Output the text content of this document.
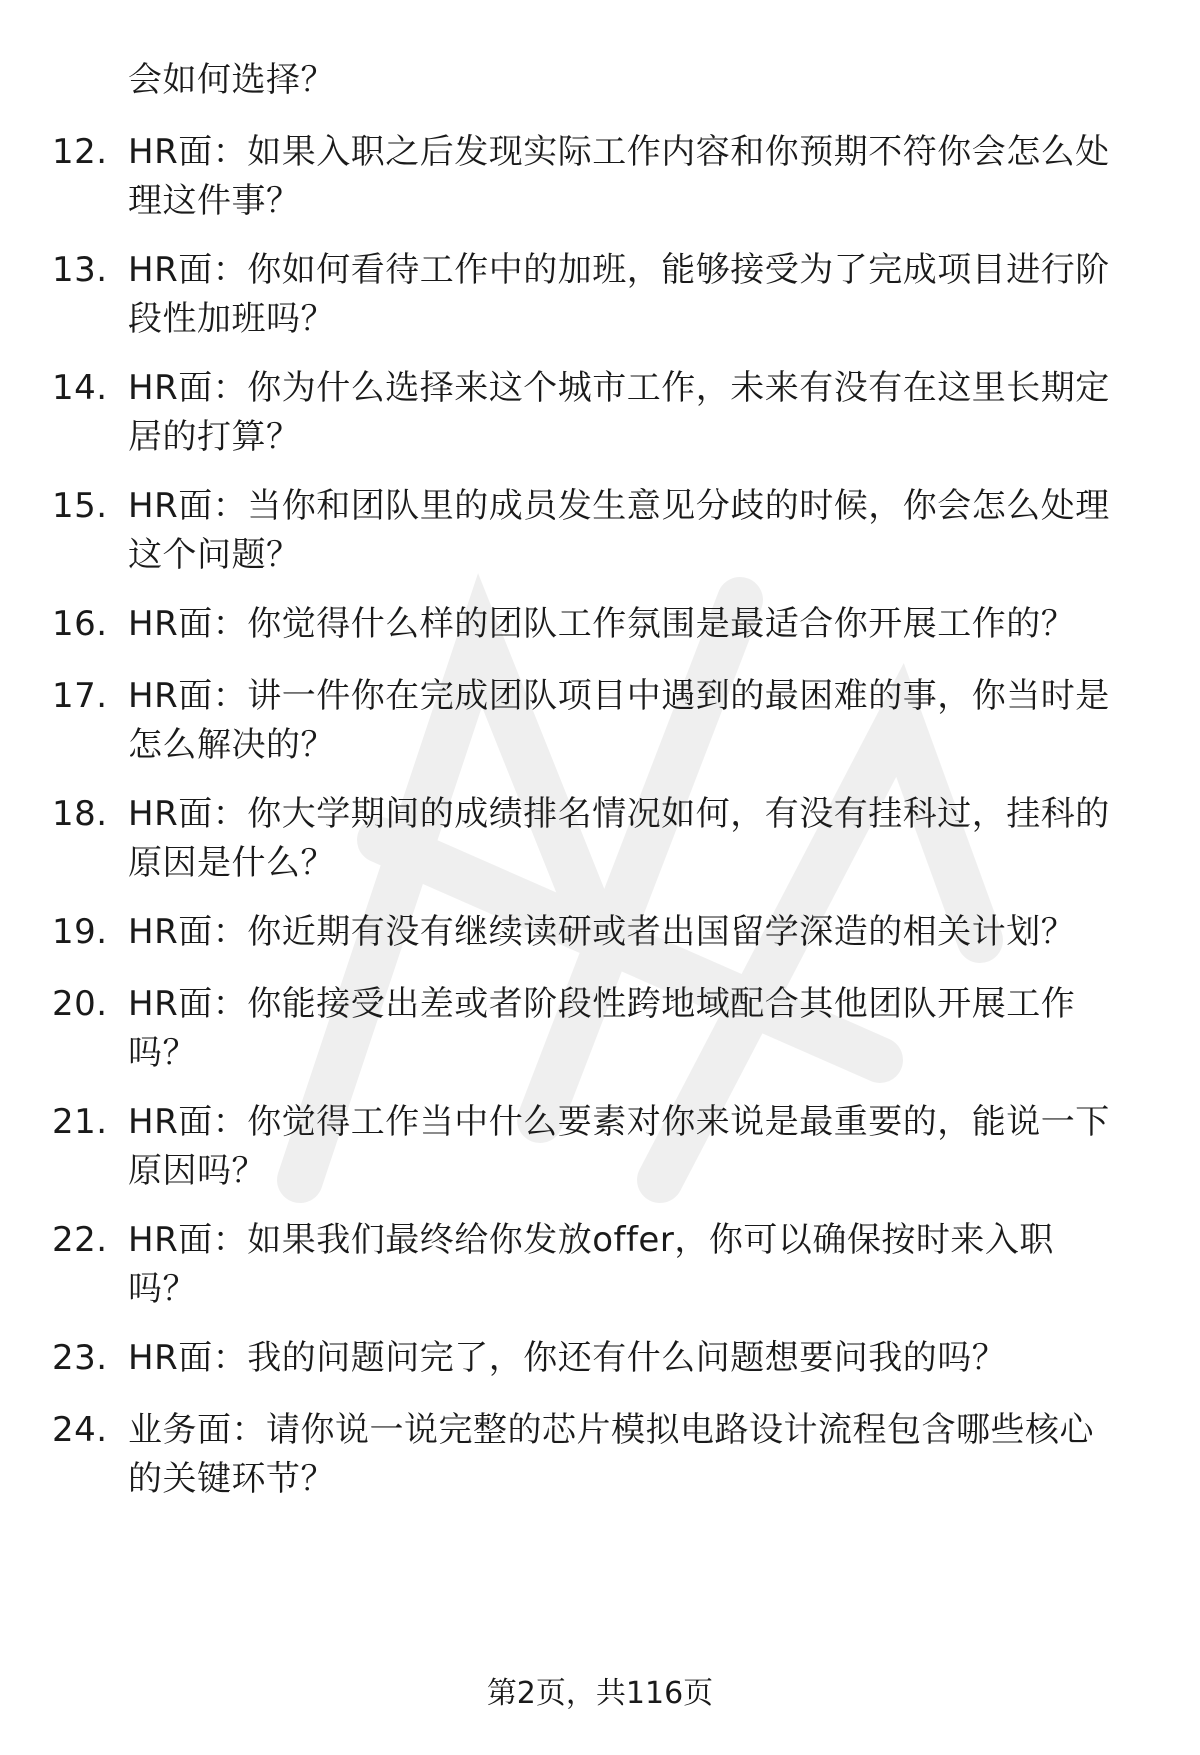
会如何选择？
12. HR面：如果入职之后发现实际工作内容和你预期不符你会怎么处
理这件事？
13. HR面：你如何看待工作中的加班，能够接受为了完成项目进行阶
段性加班吗？
14. HR面：你为什么选择来这个城市工作，未来有没有在这里长期定
居的打算？
15. HR面：当你和团队里的成员发生意见分歧的时候，你会怎么处理
这个问题？
16. HR面：你觉得什么样的团队工作氛围是最适合你开展工作的？
17. HR面：讲一件你在完成团队项目中遇到的最困难的事，你当时是
怎么解决的？
18. HR面：你大学期间的成绩排名情况如何，有没有挂科过，挂科的
原因是什么？
19. HR面：你近期有没有继续读研或者出国留学深造的相关计划？
20. HR面：你能接受出差或者阶段性跨地域配合其他团队开展工作
吗？
21. HR面：你觉得工作当中什么要素对你来说是最重要的，能说一下
原因吗？
22. HR面：如果我们最终给你发放offer，你可以确保按时来入职
吗？
23. HR面：我的问题问完了，你还有什么问题想要问我的吗？
24. 业务面：请你说一说完整的芯片模拟电路设计流程包含哪些核心
的关键环节？
第2页，共116页
